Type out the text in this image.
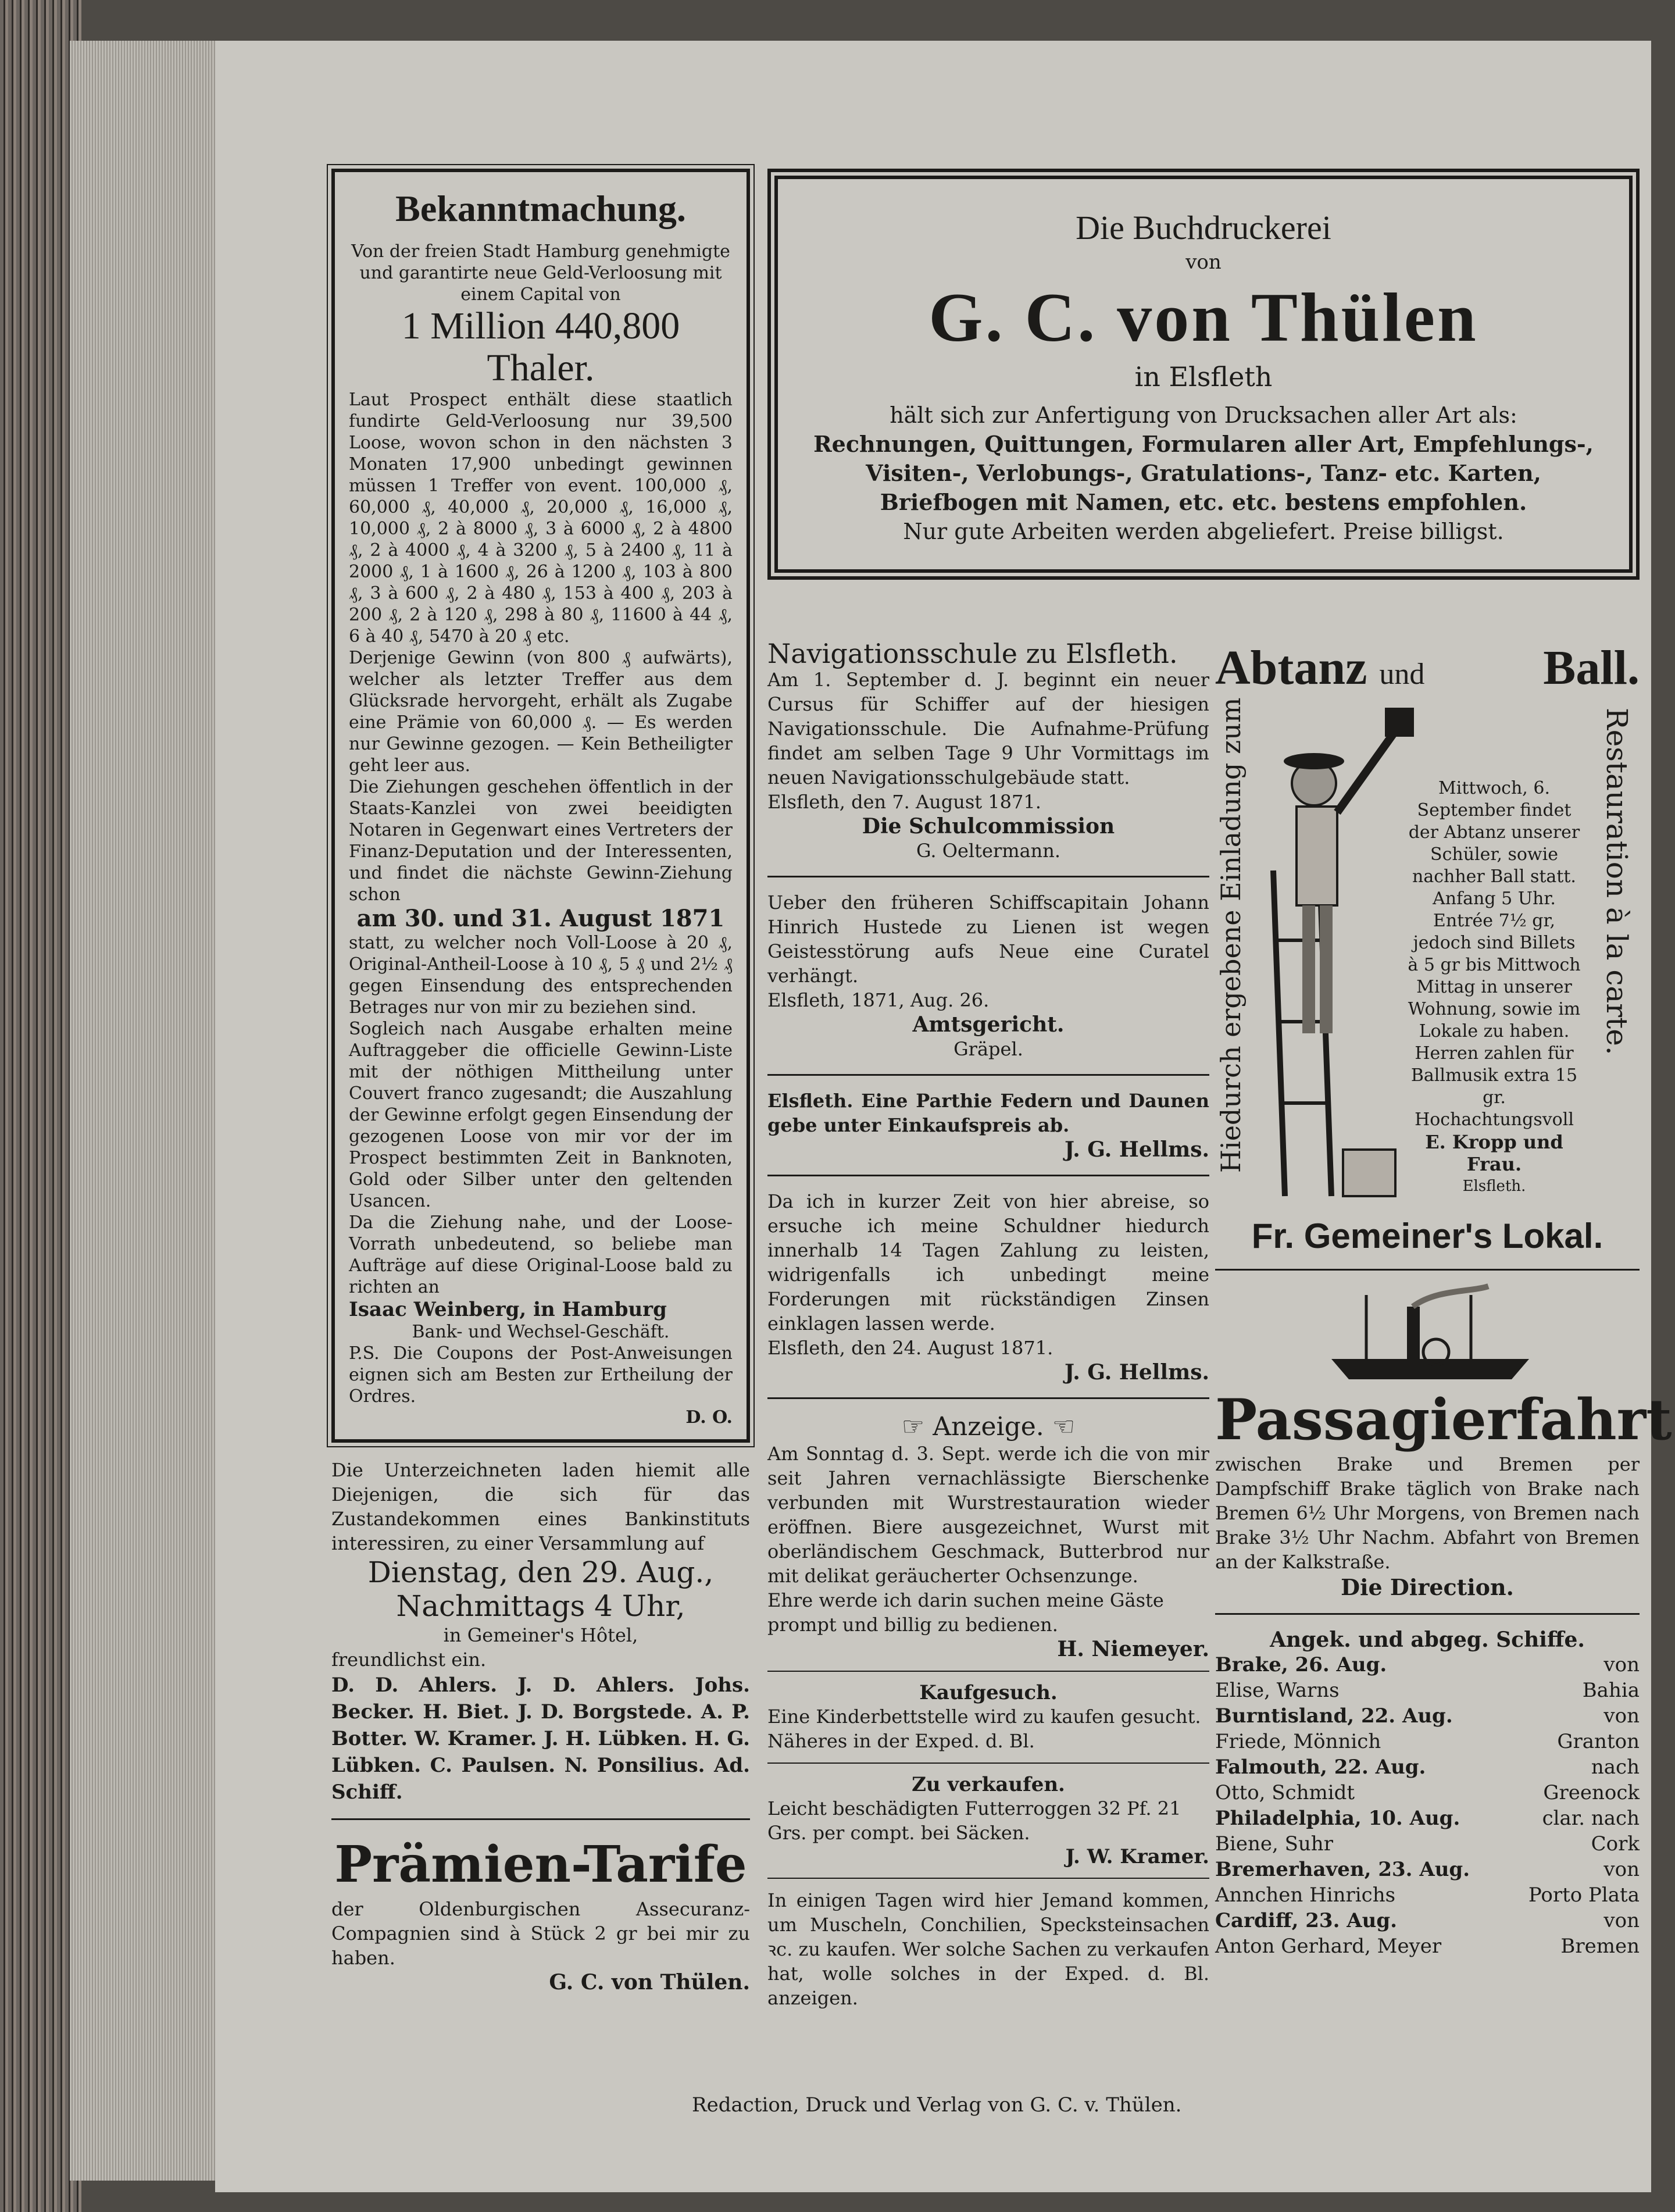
Bekanntmachung.
Von der freien Stadt Hamburg genehmigte und garantirte neue Geld-Verloosung mit einem Capital von
1 Million 440,800 Thaler.
Laut Prospect enthält diese staatlich fundirte Geld-Verloosung nur 39,500 Loose, wovon schon in den nächsten 3 Monaten 17,900 unbedingt gewinnen müssen 1 Treffer von event. 100,000 ₰, 60,000 ₰, 40,000 ₰, 20,000 ₰, 16,000 ₰, 10,000 ₰, 2 à 8000 ₰, 3 à 6000 ₰, 2 à 4800 ₰, 2 à 4000 ₰, 4 à 3200 ₰, 5 à 2400 ₰, 11 à 2000 ₰, 1 à 1600 ₰, 26 à 1200 ₰, 103 à 800 ₰, 3 à 600 ₰, 2 à 480 ₰, 153 à 400 ₰, 203 à 200 ₰, 2 à 120 ₰, 298 à 80 ₰, 11600 à 44 ₰, 6 à 40 ₰, 5470 à 20 ₰ etc.
Derjenige Gewinn (von 800 ₰ aufwärts), welcher als letzter Treffer aus dem Glücksrade hervorgeht, erhält als Zugabe eine Prämie von 60,000 ₰. — Es werden nur Gewinne gezogen. — Kein Betheiligter geht leer aus.
Die Ziehungen geschehen öffentlich in der Staats-Kanzlei von zwei beeidigten Notaren in Gegenwart eines Vertreters der Finanz-Deputation und der Interessenten, und findet die nächste Gewinn-Ziehung schon
am 30. und 31. August 1871
statt, zu welcher noch Voll-Loose à 20 ₰, Original-Antheil-Loose à 10 ₰, 5 ₰ und 2½ ₰ gegen Einsendung des entsprechenden Betrages nur von mir zu beziehen sind.
Sogleich nach Ausgabe erhalten meine Auftraggeber die officielle Gewinn-Liste mit der nöthigen Mittheilung unter Couvert franco zugesandt; die Auszahlung der Gewinne erfolgt gegen Einsendung der gezogenen Loose von mir vor der im Prospect bestimmten Zeit in Banknoten, Gold oder Silber unter den geltenden Usancen.
Da die Ziehung nahe, und der Loose-Vorrath unbedeutend, so beliebe man Aufträge auf diese Original-Loose bald zu richten an
Isaac Weinberg, in Hamburg
Bank- und Wechsel-Geschäft.
P.S. Die Coupons der Post-Anweisungen eignen sich am Besten zur Ertheilung der Ordres.
D. O.
Die Unterzeichneten laden hiemit alle Diejenigen, die sich für das Zustandekommen eines Bankinstituts interessiren, zu einer Versammlung auf
Dienstag, den 29. Aug., Nachmittags 4 Uhr,
in Gemeiner's Hôtel,
freundlichst ein.
D. D. Ahlers. J. D. Ahlers. Johs. Becker. H. Biet. J. D. Borgstede. A. P. Botter. W. Kramer. J. H. Lübken. H. G. Lübken. C. Paulsen. N. Ponsilius. Ad. Schiff.
Prämien-Tarife
der Oldenburgischen Assecuranz-Compagnien sind à Stück 2 gr bei mir zu haben.
G. C. von Thülen.
Die Buchdruckerei
von
G. C. von Thülen
in Elsfleth
hält sich zur Anfertigung von Drucksachen aller Art als:
Rechnungen, Quittungen, Formularen aller Art, Empfehlungs-, Visiten-, Verlobungs-, Gratulations-, Tanz- etc. Karten, Briefbogen mit Namen, etc. etc. bestens empfohlen.
Nur gute Arbeiten werden abgeliefert. Preise billigst.
Navigationsschule zu Elsfleth.
Am 1. September d. J. beginnt ein neuer Cursus für Schiffer auf der hiesigen Navigationsschule. Die Aufnahme-Prüfung findet am selben Tage 9 Uhr Vormittags im neuen Navigationsschulgebäude statt.
Elsfleth, den 7. August 1871.
Die Schulcommission
G. Oeltermann.
Ueber den früheren Schiffscapitain Johann Hinrich Hustede zu Lienen ist wegen Geistesstörung aufs Neue eine Curatel verhängt.
Elsfleth, 1871, Aug. 26.
Amtsgericht.
Gräpel.
Elsfleth. Eine Parthie Federn und Daunen gebe unter Einkaufspreis ab.
J. G. Hellms.
Da ich in kurzer Zeit von hier abreise, so ersuche ich meine Schuldner hiedurch innerhalb 14 Tagen Zahlung zu leisten, widrigenfalls ich unbedingt meine Forderungen mit rückständigen Zinsen einklagen lassen werde.
Elsfleth, den 24. August 1871.
J. G. Hellms.
☞ Anzeige. ☜
Am Sonntag d. 3. Sept. werde ich die von mir seit Jahren vernachlässigte Bierschenke verbunden mit Wurstrestauration wieder eröffnen. Biere ausgezeichnet, Wurst mit oberländischem Geschmack, Butterbrod nur mit delikat geräucherter Ochsenzunge.
Ehre werde ich darin suchen meine Gäste prompt und billig zu bedienen.
H. Niemeyer.
Kaufgesuch.
Eine Kinderbettstelle wird zu kaufen gesucht. Näheres in der Exped. d. Bl.
Zu verkaufen.
Leicht beschädigten Futterroggen 32 Pf. 21 Grs. per compt. bei Säcken.
J. W. Kramer.
In einigen Tagen wird hier Jemand kommen, um Muscheln, Conchilien, Specksteinsachen ꝛc. zu kaufen. Wer solche Sachen zu verkaufen hat, wolle solches in der Exped. d. Bl. anzeigen.
Abtanz und Ball.
Hiedurch ergebene Einladung zum	Mittwoch, 6. September findet der Abtanz unserer Schüler, sowie nachher Ball statt. Anfang 5 Uhr. Entrée 7½ gr, jedoch sind Billets à 5 gr bis Mittwoch Mittag in unserer Wohnung, sowie im Lokale zu haben. Herren zahlen für Ballmusik extra 15 gr. Hochachtungsvoll
E. Kropp und Frau.
Elsfleth.
Restauration à la carte.
Fr. Gemeiner's Lokal.
Passagierfahrt
zwischen Brake und Bremen per Dampfschiff Brake täglich von Brake nach Bremen 6½ Uhr Morgens, von Bremen nach Brake 3½ Uhr Nachm. Abfahrt von Bremen an der Kalkstraße.
Die Direction.
Angek. und abgeg. Schiffe.
Brake, 26. Aug.	von
Elise, Warns	Bahia
Burntisland, 22. Aug.	von
Friede, Mönnich	Granton
Falmouth, 22. Aug.	nach
Otto, Schmidt	Greenock
Philadelphia, 10. Aug.	clar. nach
Biene, Suhr	Cork
Bremerhaven, 23. Aug.	von
Annchen Hinrichs	Porto Plata
Cardiff, 23. Aug.	von
Anton Gerhard, Meyer	Bremen
Redaction, Druck und Verlag von G. C. v. Thülen.
